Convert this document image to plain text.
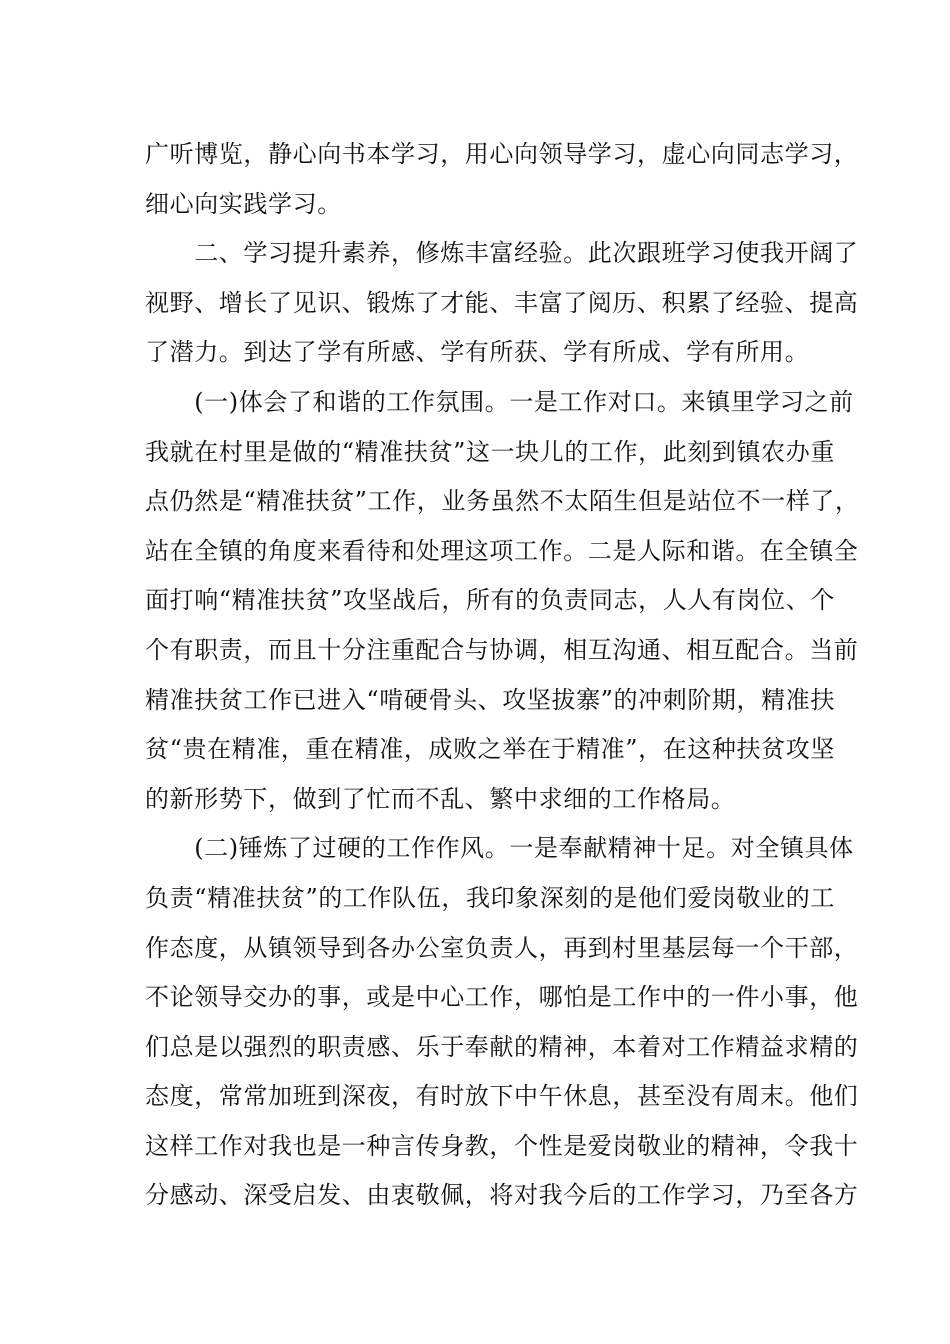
广听博览，静心向书本学习，用心向领导学习，虚心向同志学习，
细心向实践学习。
　　二、学习提升素养，修炼丰富经验。此次跟班学习使我开阔了
视野、增长了见识、锻炼了才能、丰富了阅历、积累了经验、提高
了潜力。到达了学有所感、学有所获、学有所成、学有所用。
　　(一)体会了和谐的工作氛围。一是工作对口。来镇里学习之前
我就在村里是做的“精准扶贫”这一块儿的工作，此刻到镇农办重
点仍然是“精准扶贫”工作，业务虽然不太陌生但是站位不一样了，
站在全镇的角度来看待和处理这项工作。二是人际和谐。在全镇全
面打响“精准扶贫”攻坚战后，所有的负责同志，人人有岗位、个
个有职责，而且十分注重配合与协调，相互沟通、相互配合。当前
精准扶贫工作已进入“啃硬骨头、攻坚拔寨”的冲刺阶期，精准扶
贫“贵在精准，重在精准，成败之举在于精准”，在这种扶贫攻坚
的新形势下，做到了忙而不乱、繁中求细的工作格局。
　　(二)锤炼了过硬的工作作风。一是奉献精神十足。对全镇具体
负责“精准扶贫”的工作队伍，我印象深刻的是他们爱岗敬业的工
作态度，从镇领导到各办公室负责人，再到村里基层每一个干部，
不论领导交办的事，或是中心工作，哪怕是工作中的一件小事，他
们总是以强烈的职责感、乐于奉献的精神，本着对工作精益求精的
态度，常常加班到深夜，有时放下中午休息，甚至没有周末。他们
这样工作对我也是一种言传身教，个性是爱岗敬业的精神，令我十
分感动、深受启发、由衷敬佩，将对我今后的工作学习，乃至各方
